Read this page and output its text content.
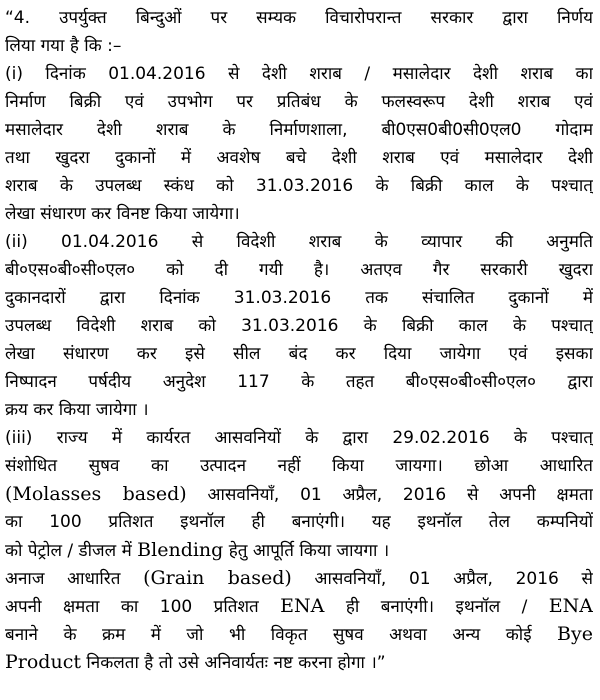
“4. उपर्युक्त बिन्दुओं पर सम्यक विचारोपरान्त सरकार द्वारा निर्णय
लिया गया है कि :–
(i) दिनांक 01.04.2016 से देशी शराब / मसालेदार देशी शराब का
निर्माण बिक्री एवं उपभोग पर प्रतिबंध के फलस्वरूप देशी शराब एवं
मसालेदार देशी शराब के निर्माणशाला, बी0एस0बी0सी0एल0 गोदाम
तथा खुदरा दुकानों में अवशेष बचे देशी शराब एवं मसालेदार देशी
शराब के उपलब्ध स्कंध को 31.03.2016 के बिक्री काल के पश्चात्
लेखा संधारण कर विनष्ट किया जायेगा।
(ii) 01.04.2016 से विदेशी शराब के व्यापार की अनुमति
बी०एस०बी०सी०एल० को दी गयी है। अतएव गैर सरकारी खुदरा
दुकानदारों द्वारा दिनांक 31.03.2016 तक संचालित दुकानों में
उपलब्ध विदेशी शराब को 31.03.2016 के बिक्री काल के पश्चात्
लेखा संधारण कर इसे सील बंद कर दिया जायेगा एवं इसका
निष्पादन पर्षदीय अनुदेश 117 के तहत बी०एस०बी०सी०एल० द्वारा
क्रय कर किया जायेगा ।
(iii) राज्य में कार्यरत आसवनियों के द्वारा 29.02.2016 के पश्चात्
संशोधित सुषव का उत्पादन नहीं किया जायगा। छोआ आधारित
(Molasses based) आसवनियाँ, 01 अप्रैल, 2016 से अपनी क्षमता
का 100 प्रतिशत इथनॉल ही बनाएंगी। यह इथनॉल तेल कम्पनियों
को पेट्रोल / डीजल में Blending हेतु आपूर्ति किया जायगा ।
अनाज आधारित (Grain based) आसवनियाँ, 01 अप्रैल, 2016 से
अपनी क्षमता का 100 प्रतिशत ENA ही बनाएंगी। इथनॉल / ENA
बनाने के क्रम में जो भी विकृत सुषव अथवा अन्य कोई Bye
Product निकलता है तो उसे अनिवार्यतः नष्ट करना होगा ।”
